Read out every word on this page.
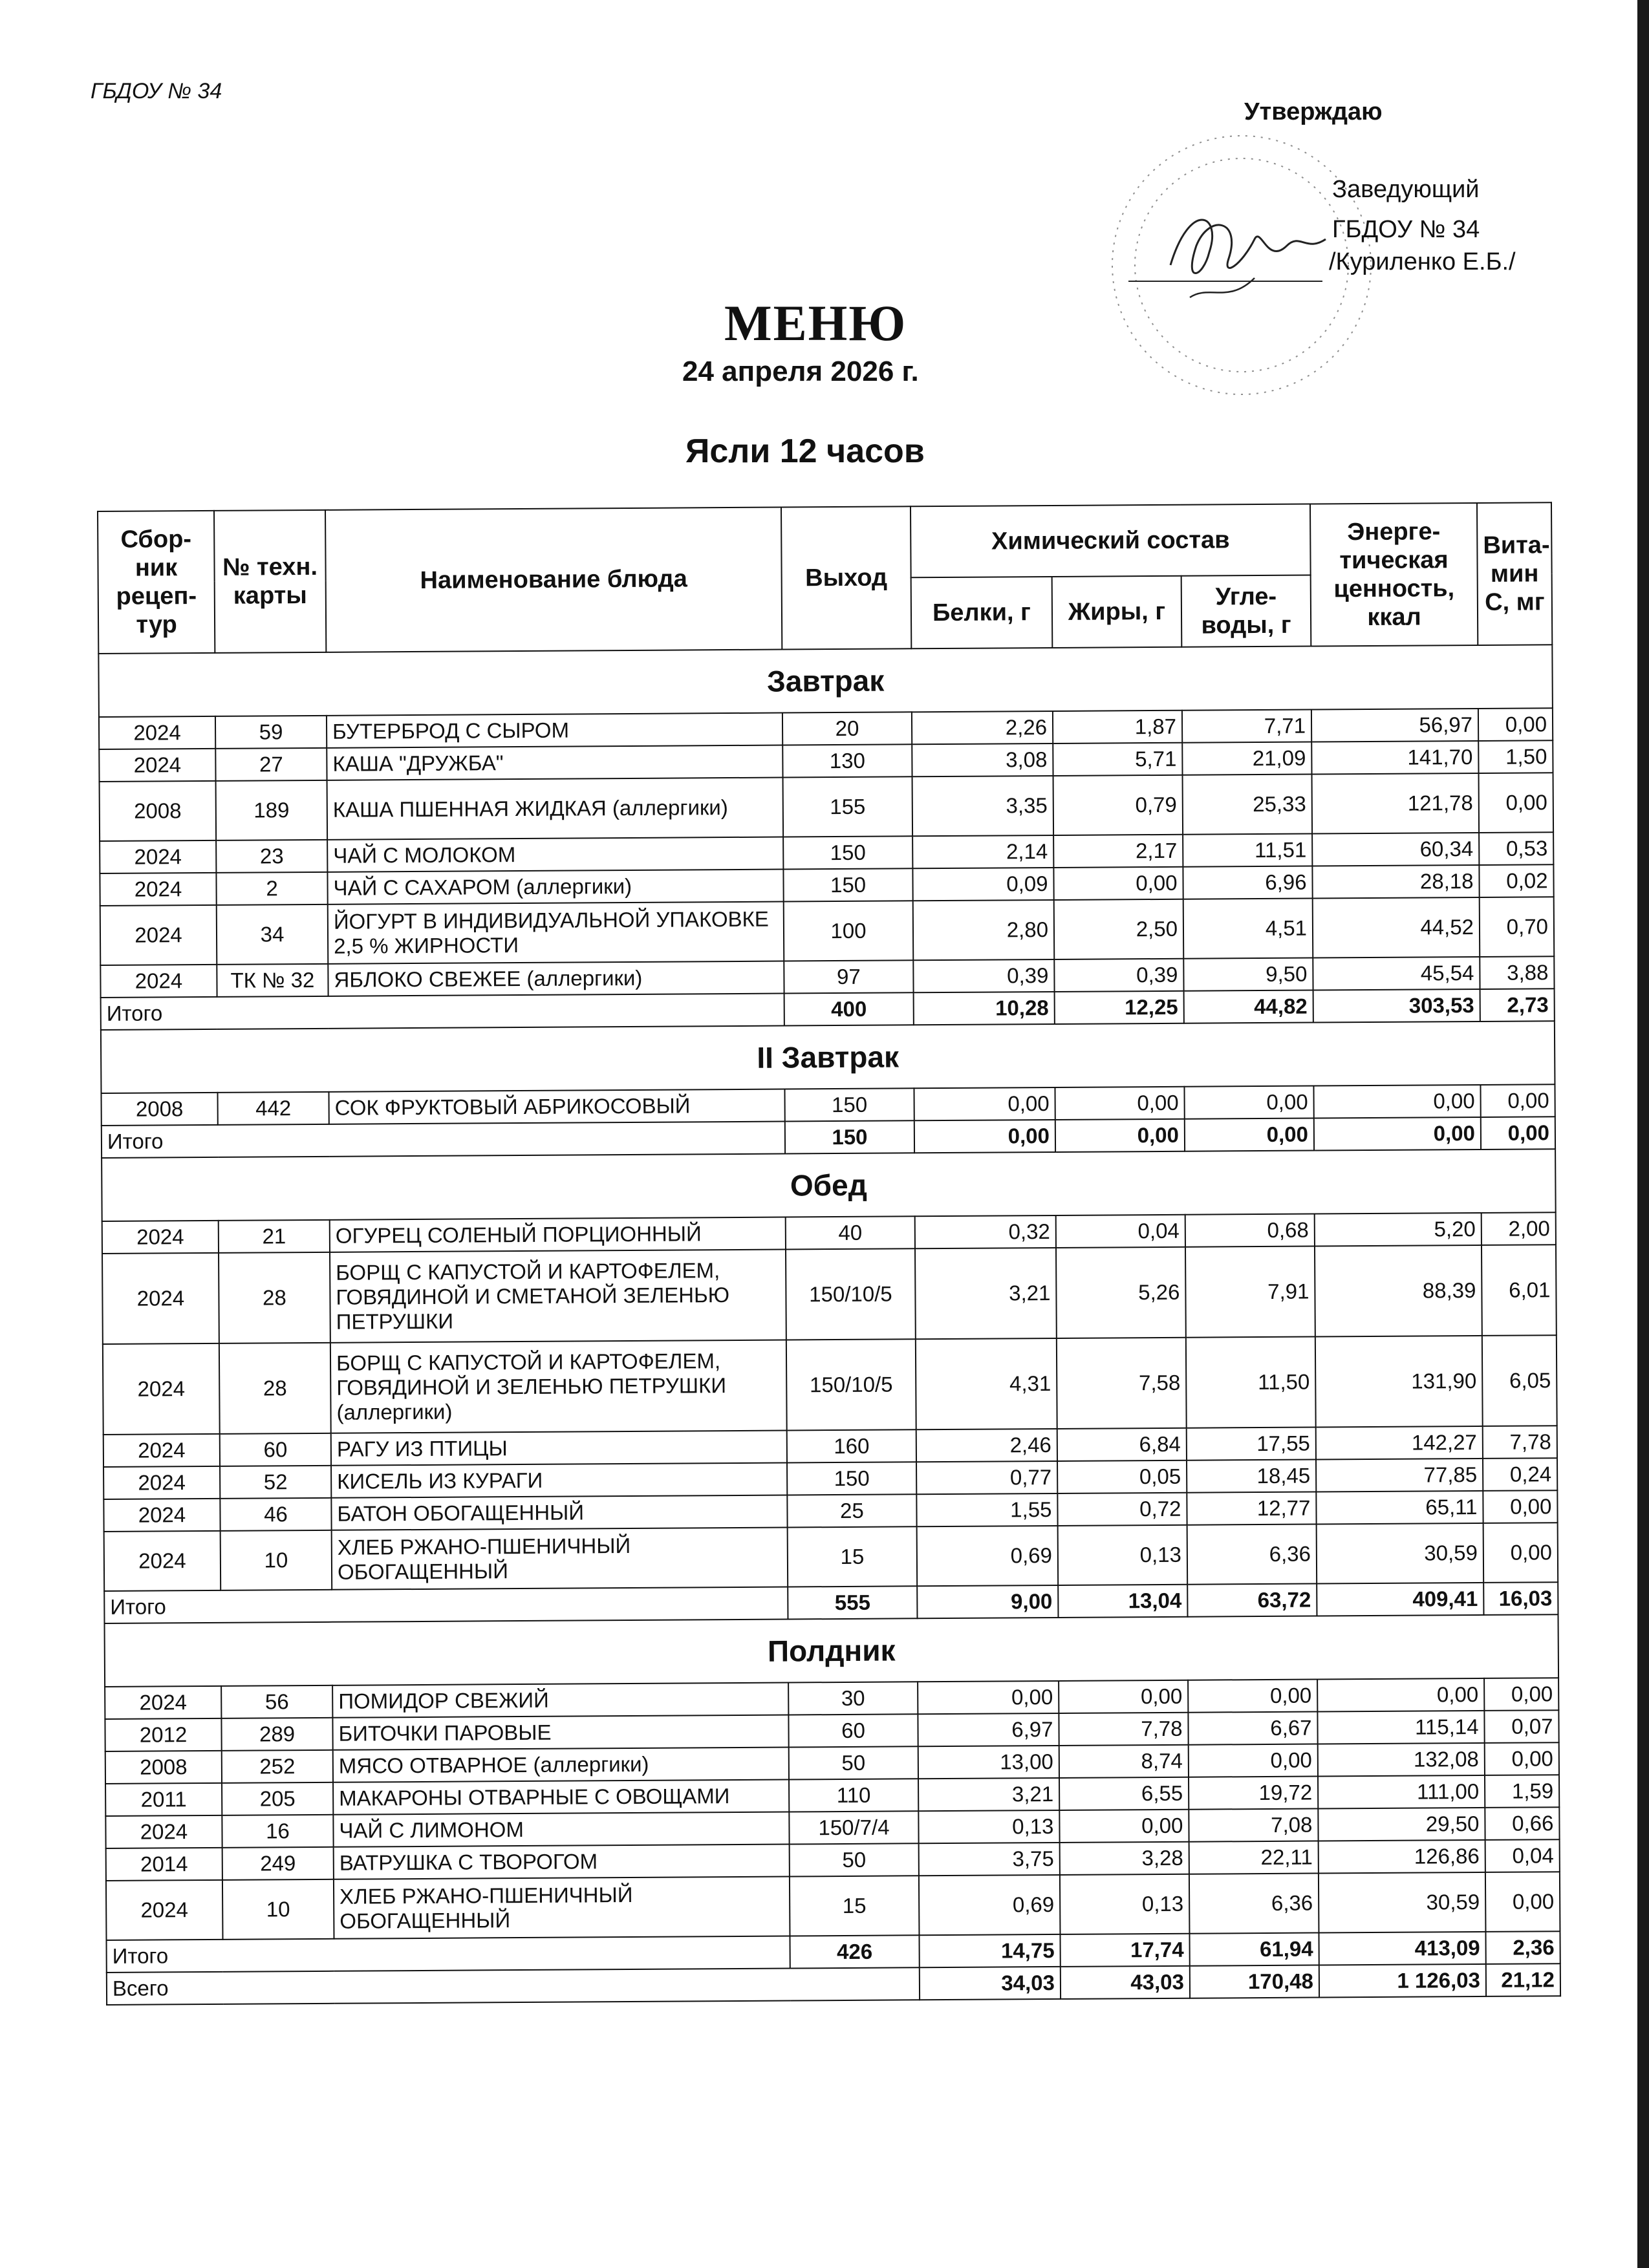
ГБДОУ № 34
Утверждаю
Заведующий
ГБДОУ № 34
/Куриленко Е.Б./
МЕНЮ
24 апреля 2026 г.
Ясли 12 часов
Сбор- ник рецеп- тур	№ техн. карты	Наименование блюда	Выход	Химический состав			Энерге- тическая ценность, ккал	Вита- мин С, мг
				Белки, г	Жиры, г	Угле- воды, г		
Завтрак								
2024	59	БУТЕРБРОД С СЫРОМ	20	2,26	1,87	7,71	56,97	0,00
2024	27	КАША "ДРУЖБА"	130	3,08	5,71	21,09	141,70	1,50
2008	189	КАША ПШЕННАЯ ЖИДКАЯ (аллергики)	155	3,35	0,79	25,33	121,78	0,00
2024	23	ЧАЙ С МОЛОКОМ	150	2,14	2,17	11,51	60,34	0,53
2024	2	ЧАЙ С САХАРОМ (аллергики)	150	0,09	0,00	6,96	28,18	0,02
2024	34	ЙОГУРТ В ИНДИВИДУАЛЬНОЙ УПАКОВКЕ 2,5 % ЖИРНОСТИ	100	2,80	2,50	4,51	44,52	0,70
2024	ТК № 32	ЯБЛОКО СВЕЖЕЕ (аллергики)	97	0,39	0,39	9,50	45,54	3,88
Итого			400	10,28	12,25	44,82	303,53	2,73
II Завтрак								
2008	442	СОК ФРУКТОВЫЙ АБРИКОСОВЫЙ	150	0,00	0,00	0,00	0,00	0,00
Итого			150	0,00	0,00	0,00	0,00	0,00
Обед								
2024	21	ОГУРЕЦ СОЛЕНЫЙ ПОРЦИОННЫЙ	40	0,32	0,04	0,68	5,20	2,00
2024	28	БОРЩ С КАПУСТОЙ И КАРТОФЕЛЕМ, ГОВЯДИНОЙ И СМЕТАНОЙ ЗЕЛЕНЬЮ ПЕТРУШКИ	150/10/5	3,21	5,26	7,91	88,39	6,01
2024	28	БОРЩ С КАПУСТОЙ И КАРТОФЕЛЕМ, ГОВЯДИНОЙ И ЗЕЛЕНЬЮ ПЕТРУШКИ (аллергики)	150/10/5	4,31	7,58	11,50	131,90	6,05
2024	60	РАГУ ИЗ ПТИЦЫ	160	2,46	6,84	17,55	142,27	7,78
2024	52	КИСЕЛЬ ИЗ КУРАГИ	150	0,77	0,05	18,45	77,85	0,24
2024	46	БАТОН ОБОГАЩЕННЫЙ	25	1,55	0,72	12,77	65,11	0,00
2024	10	ХЛЕБ РЖАНО-ПШЕНИЧНЫЙ ОБОГАЩЕННЫЙ	15	0,69	0,13	6,36	30,59	0,00
Итого			555	9,00	13,04	63,72	409,41	16,03
Полдник								
2024	56	ПОМИДОР СВЕЖИЙ	30	0,00	0,00	0,00	0,00	0,00
2012	289	БИТОЧКИ ПАРОВЫЕ	60	6,97	7,78	6,67	115,14	0,07
2008	252	МЯСО ОТВАРНОЕ (аллергики)	50	13,00	8,74	0,00	132,08	0,00
2011	205	МАКАРОНЫ ОТВАРНЫЕ С ОВОЩАМИ	110	3,21	6,55	19,72	111,00	1,59
2024	16	ЧАЙ С ЛИМОНОМ	150/7/4	0,13	0,00	7,08	29,50	0,66
2014	249	ВАТРУШКА С ТВОРОГОМ	50	3,75	3,28	22,11	126,86	0,04
2024	10	ХЛЕБ РЖАНО-ПШЕНИЧНЫЙ ОБОГАЩЕННЫЙ	15	0,69	0,13	6,36	30,59	0,00
Итого			426	14,75	17,74	61,94	413,09	2,36
Всего				34,03	43,03	170,48	1 126,03	21,12
